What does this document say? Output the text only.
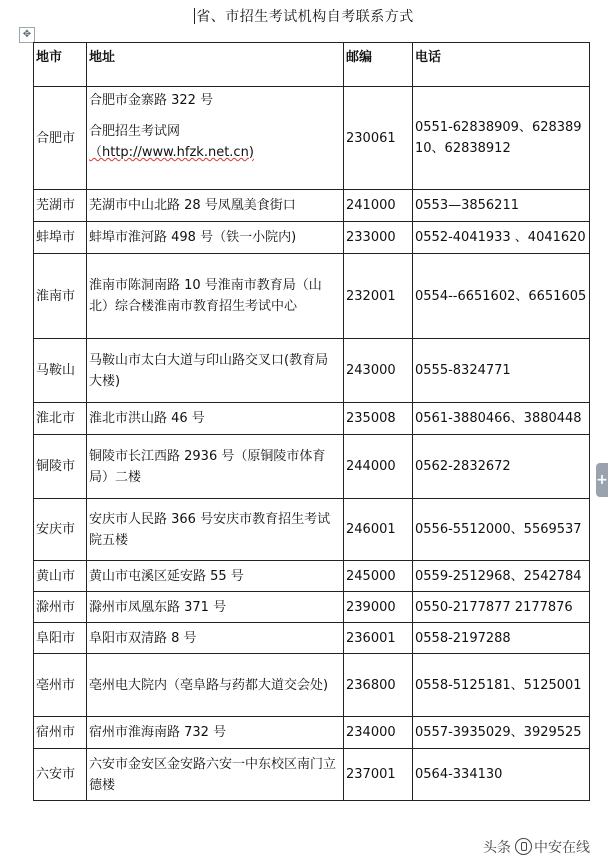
省、市招生考试机构自考联系方式
✥
地市	地址	邮编	电话
合肥市	合肥市金寨路 322 号
合肥招生考试网
（http://www.hfzk.net.cn)	230061	0551-62838909、62838910、62838912
芜湖市	芜湖市中山北路 28 号凤凰美食街口	241000	0553—3856211
蚌埠市	蚌埠市淮河路 498 号（铁一小院内)	233000	0552-4041933 、4041620
淮南市	淮南市陈洞南路 10 号淮南市教育局（山北）综合楼淮南市教育招生考试中心	232001	0554--6651602、6651605
马鞍山	马鞍山市太白大道与印山路交叉口(教育局大楼)	243000	0555-8324771
淮北市	淮北市洪山路 46 号	235008	0561-3880466、3880448
铜陵市	铜陵市长江西路 2936 号（原铜陵市体育局）二楼	244000	0562-2832672
安庆市	安庆市人民路 366 号安庆市教育招生考试院五楼	246001	0556-5512000、5569537
黄山市	黄山市屯溪区延安路 55 号	245000	0559-2512968、2542784
滁州市	滁州市凤凰东路 371 号	239000	0550-2177877 2177876
阜阳市	阜阳市双清路 8 号	236001	0558-2197288
亳州市	亳州电大院内（亳阜路与药都大道交会处)	236800	0558-5125181、5125001
宿州市	宿州市淮海南路 732 号	234000	0557-3935029、3929525
六安市	六安市金安区金安路六安一中东校区南门立德楼	237001	0564-334130
+
头条 中安在线
